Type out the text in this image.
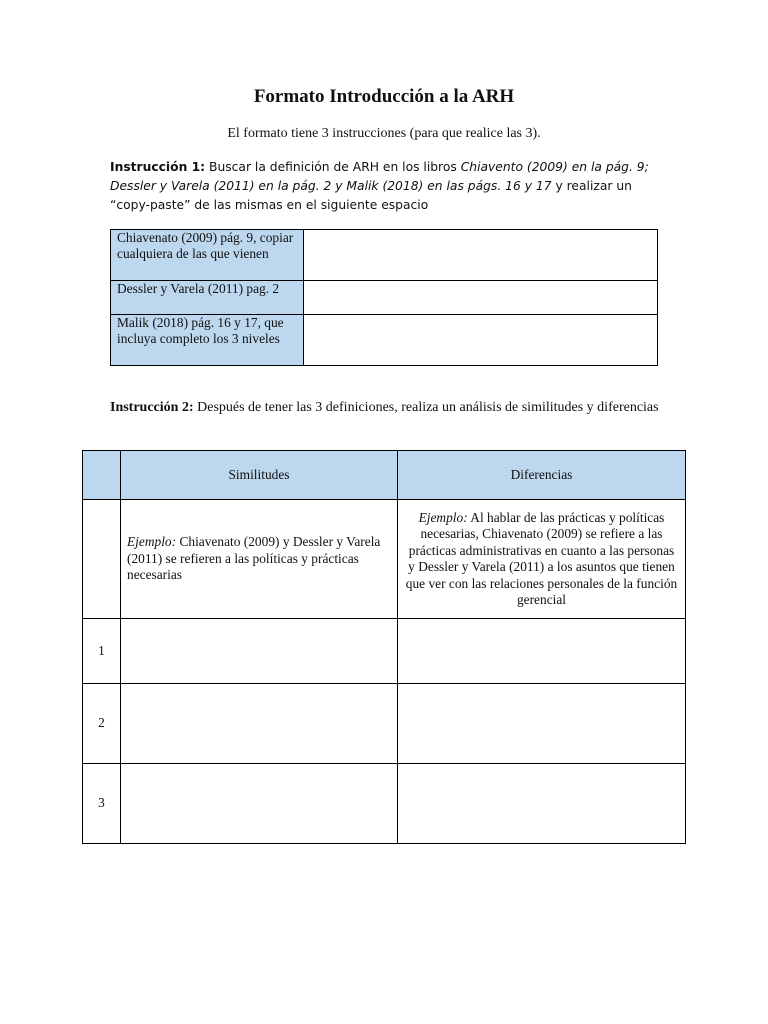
Formato Introducción a la ARH
El formato tiene 3 instrucciones (para que realice las 3).
Instrucción 1: Buscar la definición de ARH en los libros Chiavento (2009) en la pág. 9; Dessler y Varela (2011) en la pág. 2 y Malik (2018) en las págs. 16 y 17 y realizar un “copy-paste” de las mismas en el siguiente espacio
Chiavenato (2009) pág. 9, copiar cualquiera de las que vienen	
Dessler y Varela (2011) pag. 2	
Malik (2018) pág. 16 y 17, que incluya completo los 3 niveles	
Instrucción 2: Después de tener las 3 definiciones, realiza un análisis de similitudes y diferencias
	Similitudes	Diferencias
	Ejemplo: Chiavenato (2009) y Dessler y Varela (2011) se refieren a las políticas y prácticas necesarias	Ejemplo: Al hablar de las prácticas y políticas necesarias, Chiavenato (2009) se refiere a las prácticas administrativas en cuanto a las personas y Dessler y Varela (2011) a los asuntos que tienen que ver con las relaciones personales de la función gerencial
1		
2		
3		
